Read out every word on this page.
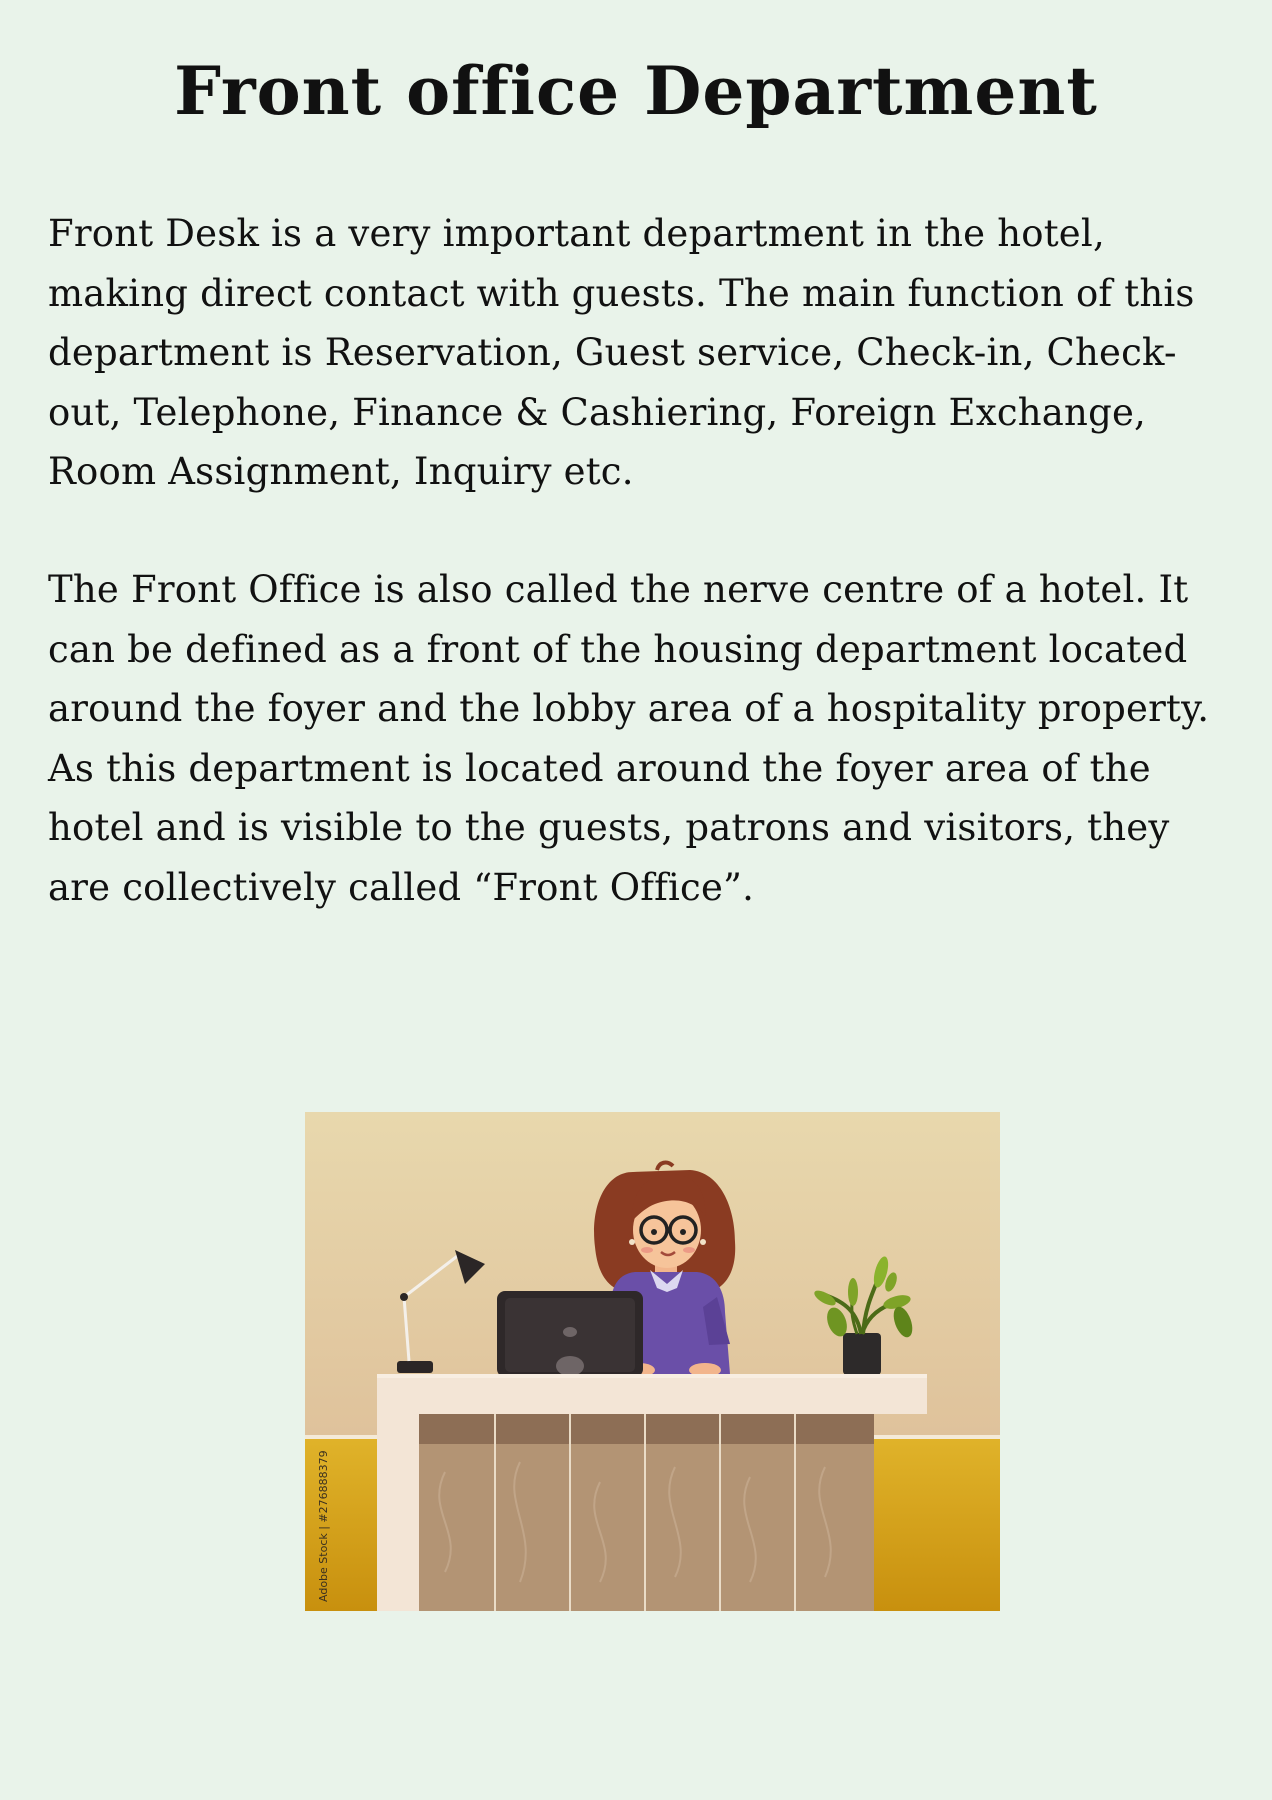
Front office Department

Front Desk is a very important department in the hotel, making direct contact with guests. The main function of this department is Reservation, Guest service, Check-in, Check-out, Telephone, Finance & Cashiering, Foreign Exchange, Room Assignment, Inquiry etc.

The Front Office is also called the nerve centre of a hotel. It can be defined as a front of the housing department located around the foyer and the lobby area of a hospitality property. As this department is located around the foyer area of the hotel and is visible to the guests, patrons and visitors, they are collectively called “Front Office”.

Adobe Stock | #276888379
